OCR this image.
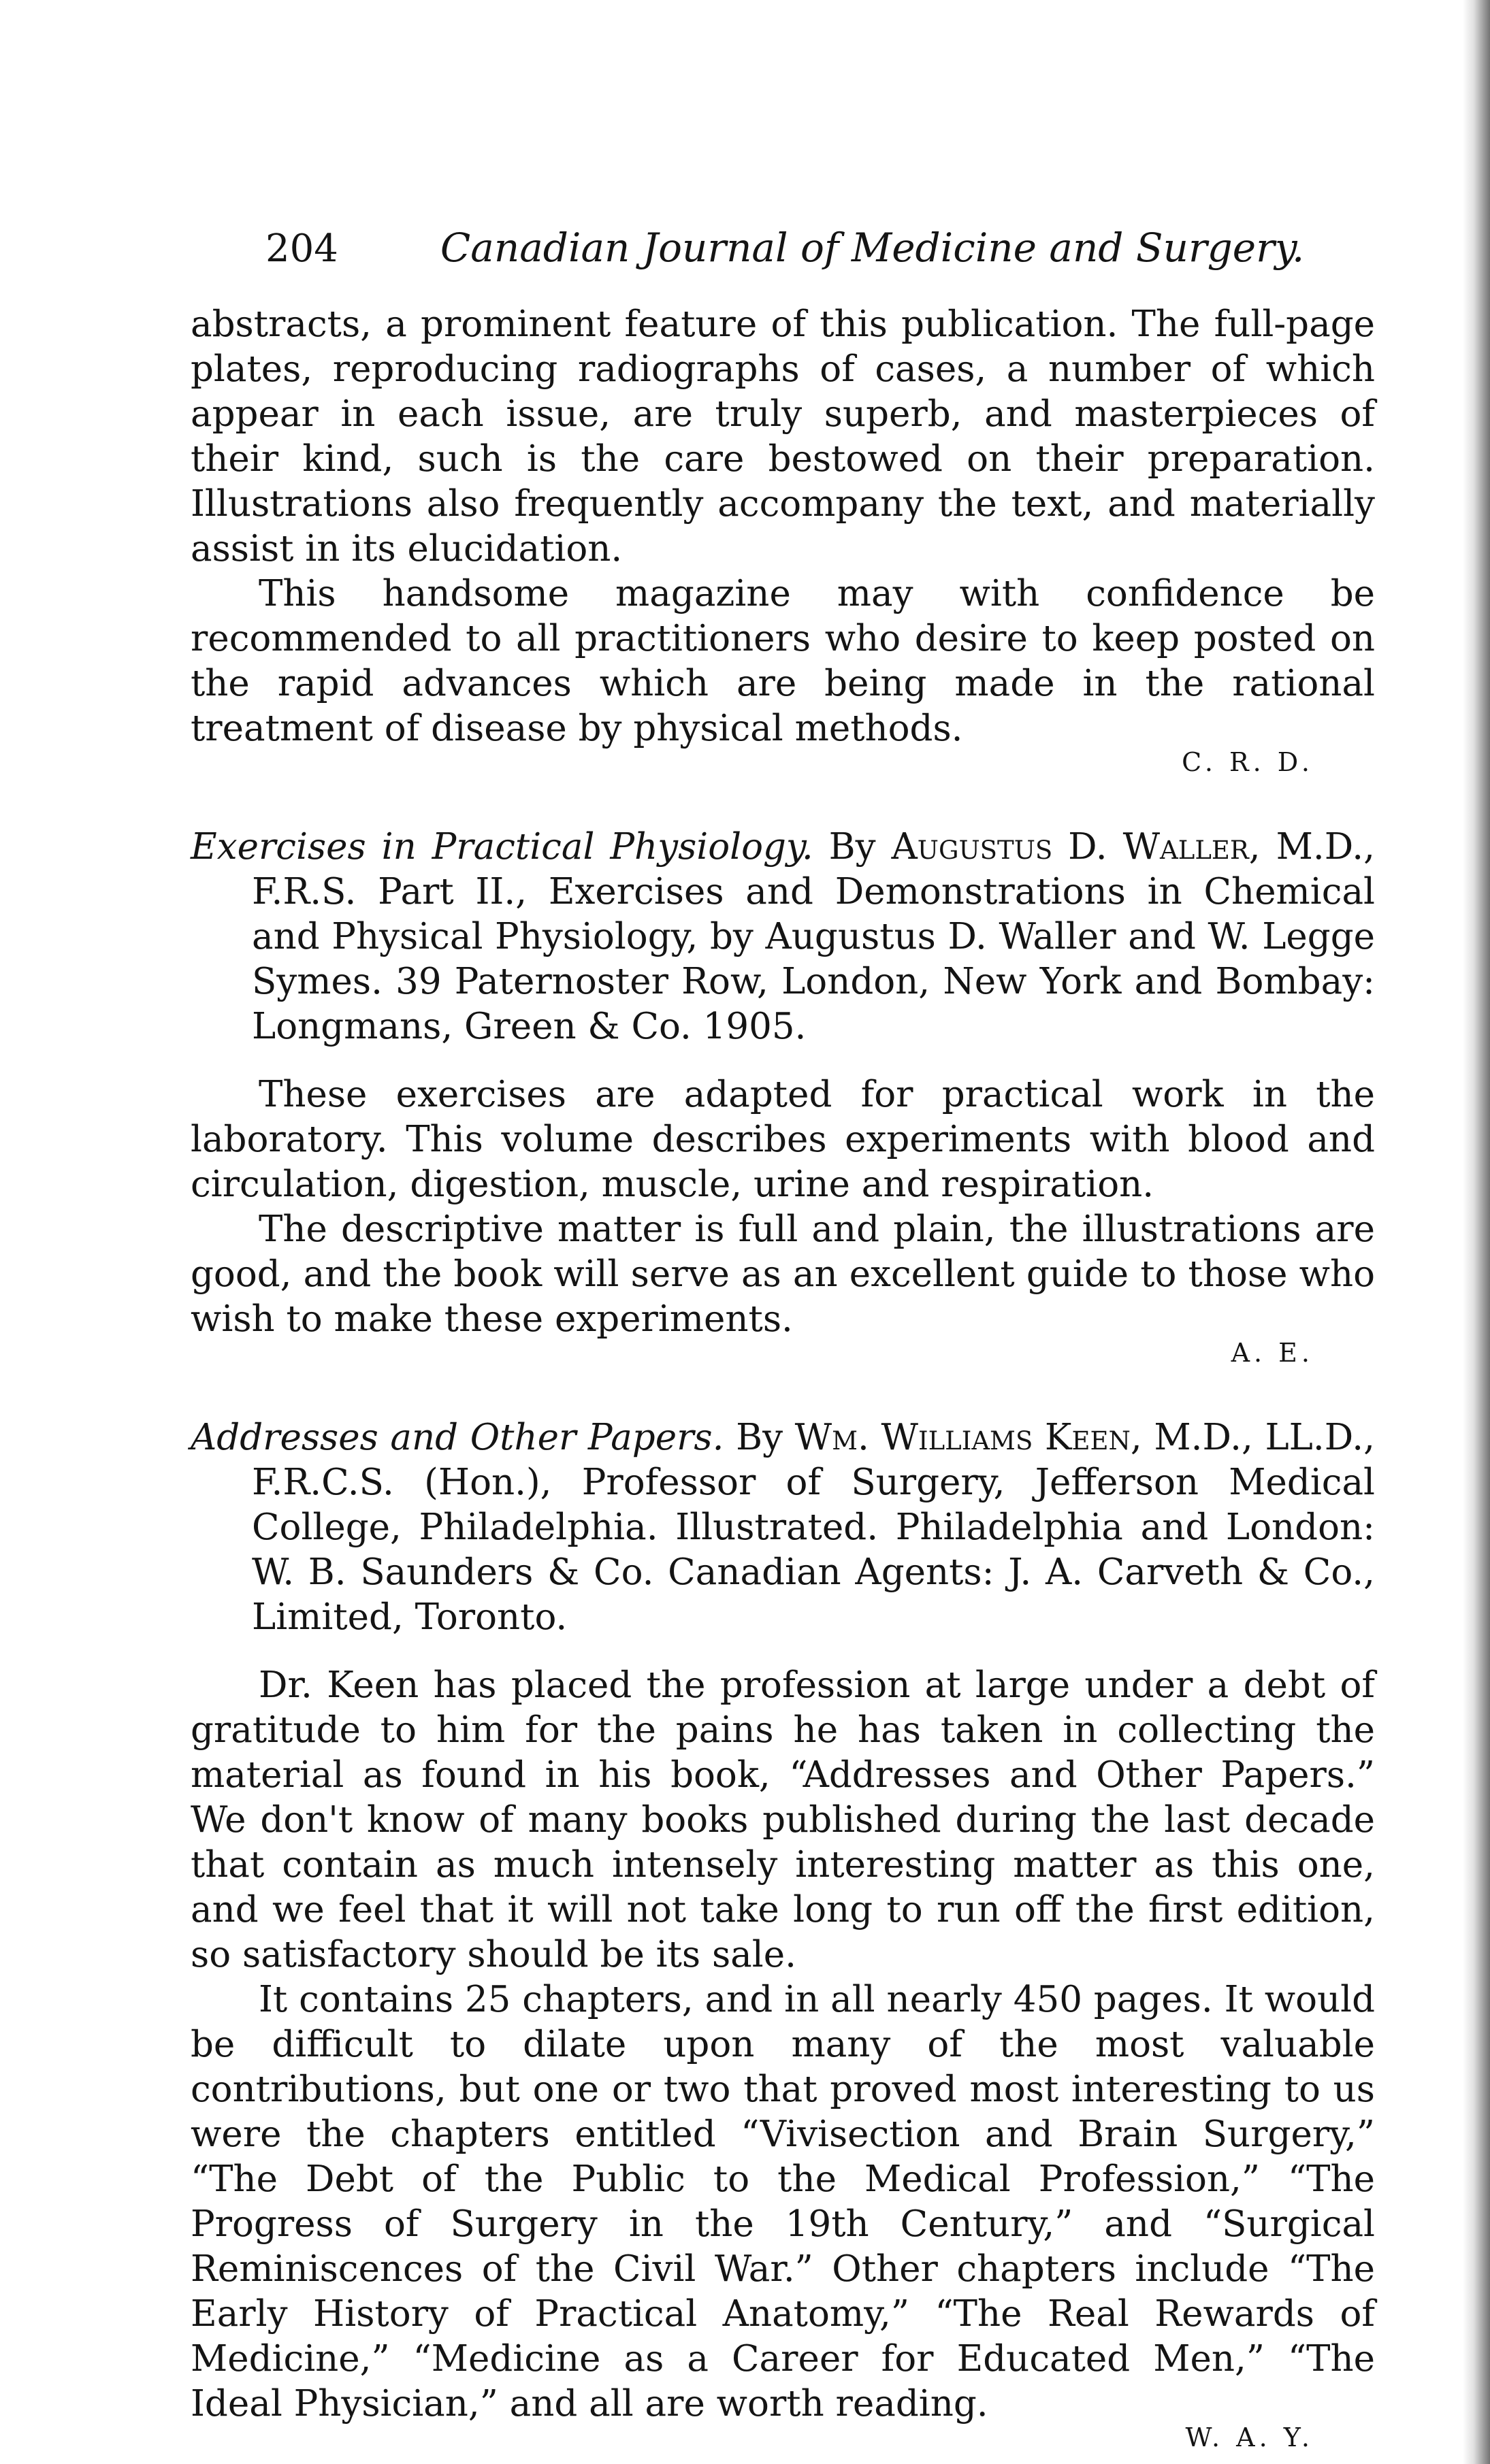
204	Canadian Journal of Medicine and Surgery.

abstracts, a prominent feature of this publication. The full-page plates, reproducing radiographs of cases, a number of which appear in each issue, are truly superb, and masterpieces of their kind, such is the care bestowed on their preparation. Illustrations also frequently accompany the text, and materially assist in its elucidation.

This handsome magazine may with confidence be recommended to all practitioners who desire to keep posted on the rapid advances which are being made in the rational treatment of disease by physical methods.

C. R. D.

Exercises in Practical Physiology. By Augustus D. Waller, M.D., F.R.S. Part II., Exercises and Demonstrations in Chemical and Physical Physiology, by Augustus D. Waller and W. Legge Symes. 39 Paternoster Row, London, New York and Bombay: Longmans, Green & Co. 1905.

These exercises are adapted for practical work in the laboratory. This volume describes experiments with blood and circulation, digestion, muscle, urine and respiration.

The descriptive matter is full and plain, the illustrations are good, and the book will serve as an excellent guide to those who wish to make these experiments.

A. E.

Addresses and Other Papers. By Wm. Williams Keen, M.D., LL.D., F.R.C.S. (Hon.), Professor of Surgery, Jefferson Medical College, Philadelphia. Illustrated. Philadelphia and London: W. B. Saunders & Co. Canadian Agents: J. A. Carveth & Co., Limited, Toronto.

Dr. Keen has placed the profession at large under a debt of gratitude to him for the pains he has taken in collecting the material as found in his book, “Addresses and Other Papers.” We don't know of many books published during the last decade that contain as much intensely interesting matter as this one, and we feel that it will not take long to run off the first edition, so satisfactory should be its sale.

It contains 25 chapters, and in all nearly 450 pages. It would be difficult to dilate upon many of the most valuable contributions, but one or two that proved most interesting to us were the chapters entitled “Vivisection and Brain Surgery,” “The Debt of the Public to the Medical Profession,” “The Progress of Surgery in the 19th Century,” and “Surgical Reminiscences of the Civil War.” Other chapters include “The Early History of Practical Anatomy,” “The Real Rewards of Medicine,” “Medicine as a Career for Educated Men,” “The Ideal Physician,” and all are worth reading.

W. A. Y.
